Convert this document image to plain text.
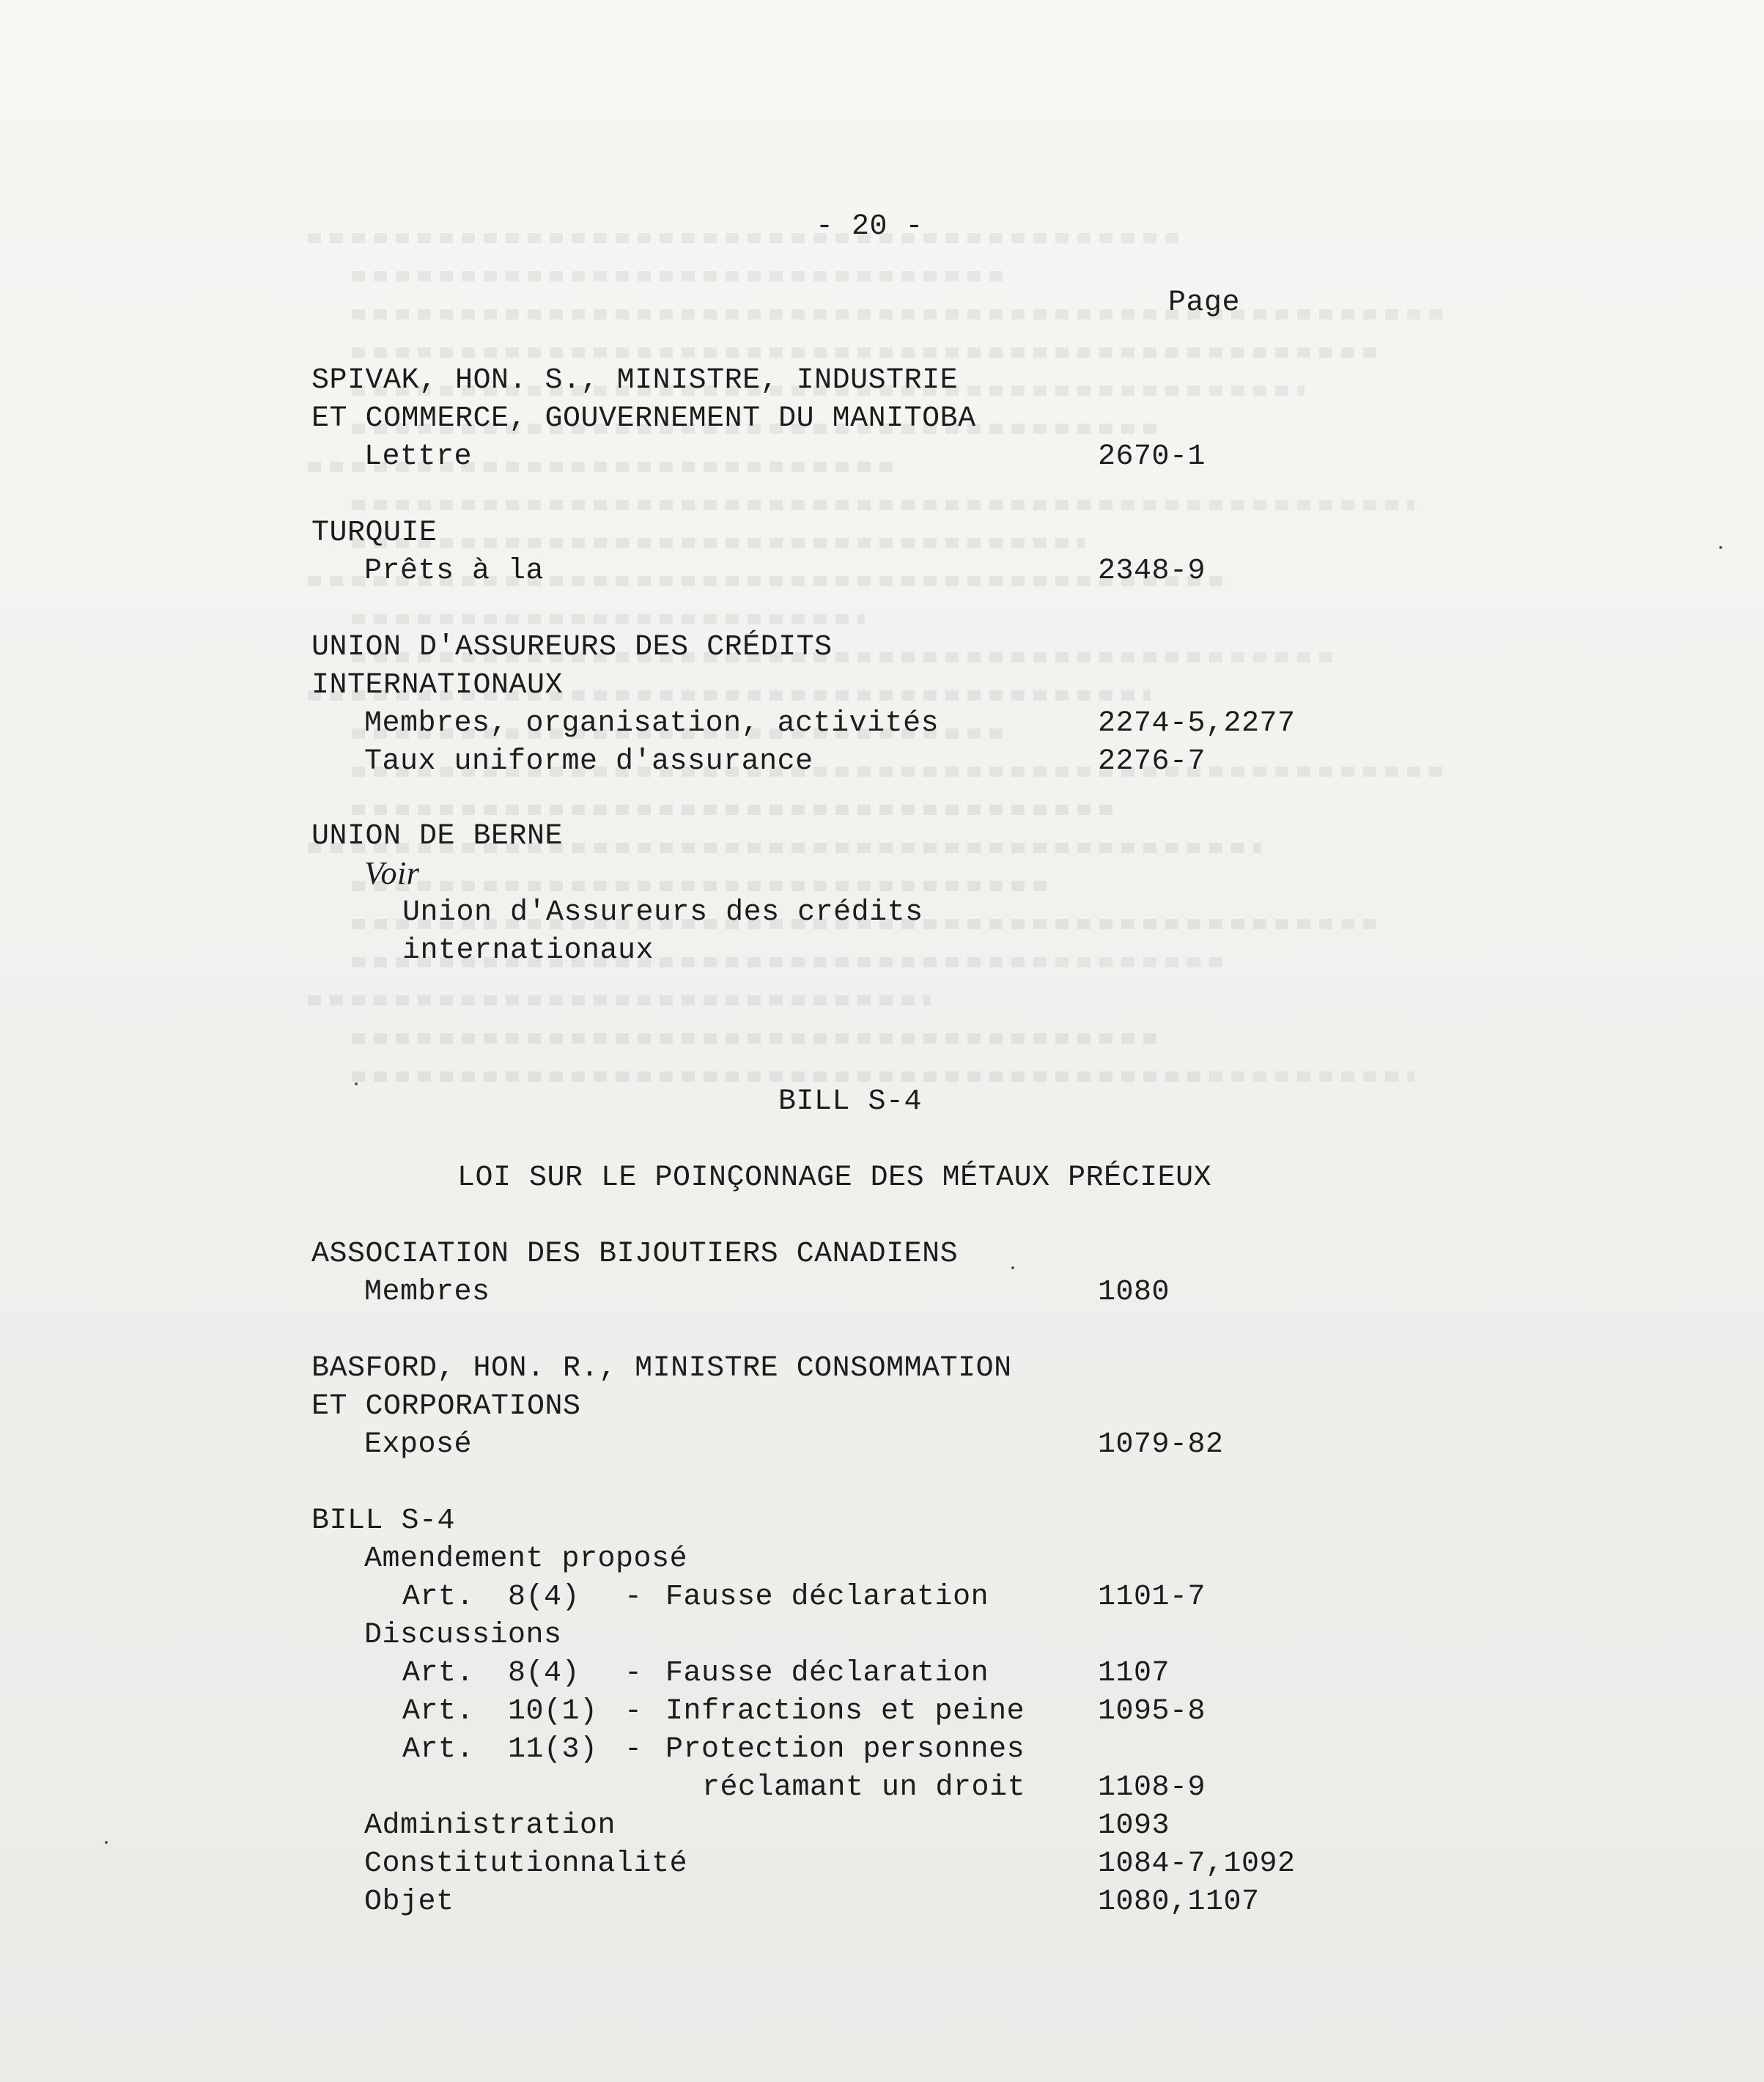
- 20 -
Page
SPIVAK, HON. S., MINISTRE, INDUSTRIE
ET COMMERCE, GOUVERNEMENT DU MANITOBA
Lettre	2670-1
TURQUIE
Prêts à la	2348-9
UNION D'ASSUREURS DES CRÉDITS
INTERNATIONAUX
Membres, organisation, activités	2274-5,2277
Taux uniforme d'assurance	2276-7
UNION DE BERNE
Voir
Union d'Assureurs des crédits
internationaux
BILL S-4
LOI SUR LE POINÇONNAGE DES MÉTAUX PRÉCIEUX
ASSOCIATION DES BIJOUTIERS CANADIENS
Membres	1080
BASFORD, HON. R., MINISTRE CONSOMMATION
ET CORPORATIONS
Exposé	1079-82
BILL S-4
Amendement proposé
Art. 8(4) - Fausse déclaration	1101-7
Discussions
Art. 8(4) - Fausse déclaration	1107
Art. 10(1) - Infractions et peine 1095-8
Art. 11(3) - Protection personnes
réclamant un droit 1108-9
Administration	1093
Constitutionnalité	1084-7,1092
Objet	1080,1107
